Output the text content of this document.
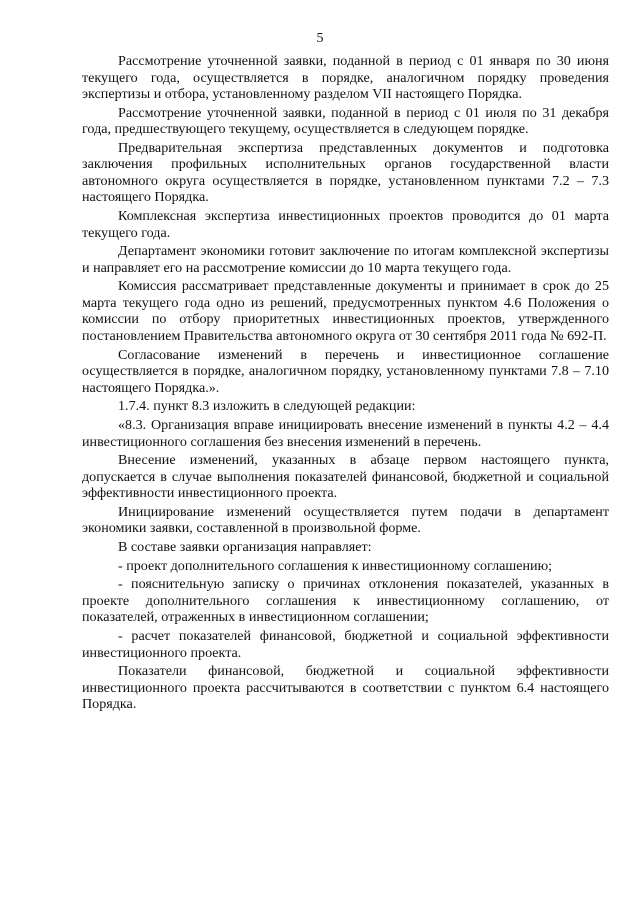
5

Рассмотрение уточненной заявки, поданной в период с 01 января по 30 июня текущего года, осуществляется в порядке, аналогичном порядку проведения экспертизы и отбора, установленному разделом VII настоящего Порядка.

Рассмотрение уточненной заявки, поданной в период с 01 июля по 31 декабря года, предшествующего текущему, осуществляется в следующем порядке.

Предварительная экспертиза представленных документов и подготовка заключения профильных исполнительных органов государственной власти автономного округа осуществляется в порядке, установленном пунктами 7.2 – 7.3 настоящего Порядка.

Комплексная экспертиза инвестиционных проектов проводится до 01 марта текущего года.

Департамент экономики готовит заключение по итогам комплексной экспертизы и направляет его на рассмотрение комиссии до 10 марта текущего года.

Комиссия рассматривает представленные документы и принимает в срок до 25 марта текущего года одно из решений, предусмотренных пунктом 4.6 Положения о комиссии по отбору приоритетных инвестиционных проектов, утвержденного постановлением Правительства автономного округа от 30 сентября 2011 года № 692-П.

Согласование изменений в перечень и инвестиционное соглашение осуществляется в порядке, аналогичном порядку, установленному пунктами 7.8 – 7.10 настоящего Порядка.».

1.7.4. пункт 8.3 изложить в следующей редакции:

«8.3. Организация вправе инициировать внесение изменений в пункты 4.2 – 4.4 инвестиционного соглашения без внесения изменений в перечень.

Внесение изменений, указанных в абзаце первом настоящего пункта, допускается в случае выполнения показателей финансовой, бюджетной и социальной эффективности инвестиционного проекта.

Инициирование изменений осуществляется путем подачи в департамент экономики заявки, составленной в произвольной форме.

В составе заявки организация направляет:

- проект дополнительного соглашения к инвестиционному соглашению;

- пояснительную записку о причинах отклонения показателей, указанных в проекте дополнительного соглашения к инвестиционному соглашению, от показателей, отраженных в инвестиционном соглашении;

- расчет показателей финансовой, бюджетной и социальной эффективности инвестиционного проекта.

Показатели финансовой, бюджетной и социальной эффективности инвестиционного проекта рассчитываются в соответствии с пунктом 6.4 настоящего Порядка.
